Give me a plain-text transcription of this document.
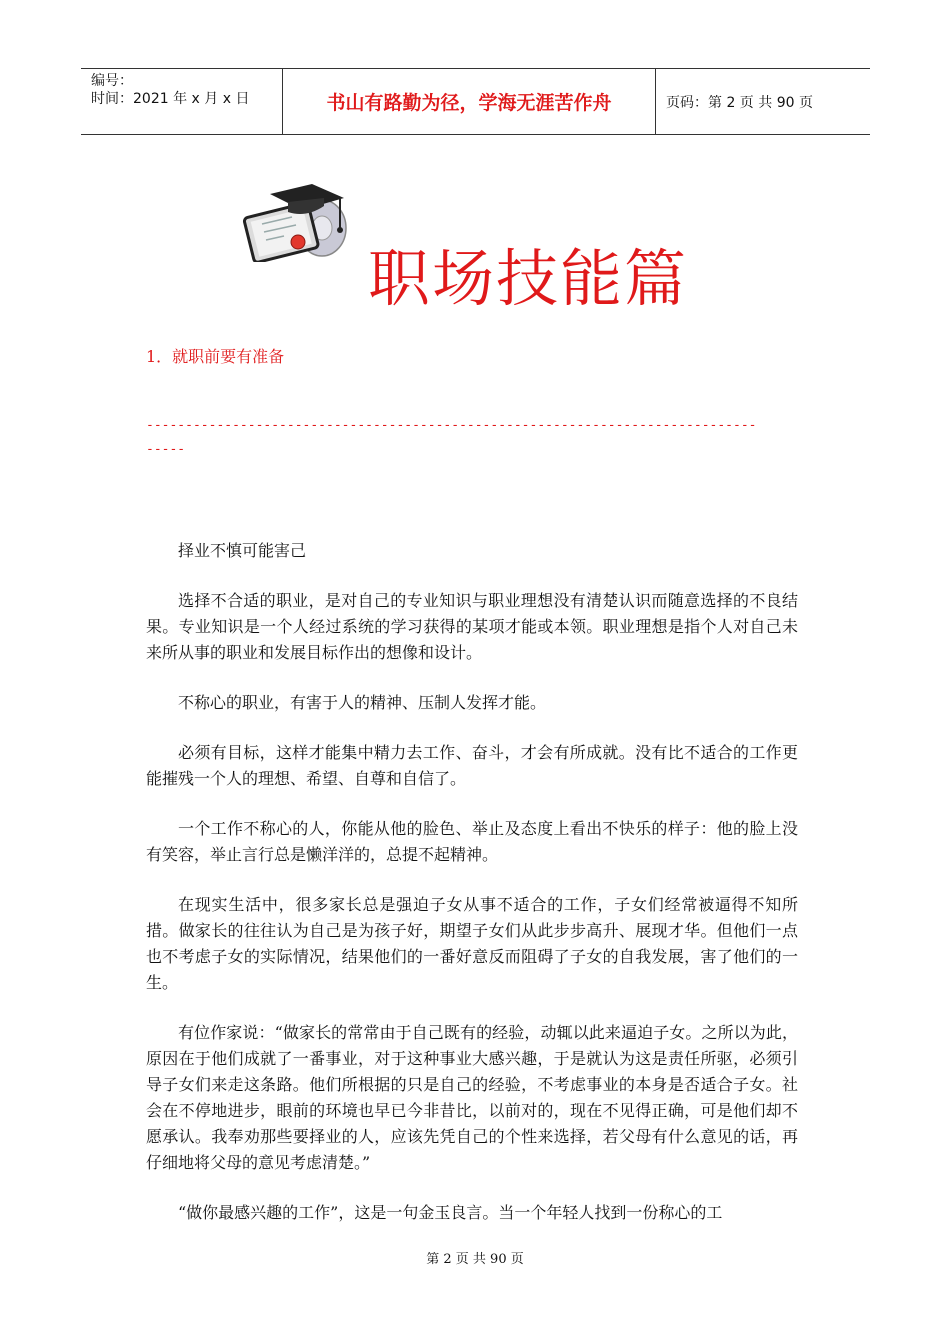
编号：
时间：2021 年 x 月 x 日	书山有路勤为径，学海无涯苦作舟	页码：第 2 页 共 90 页
职场技能篇
1．就职前要有准备
------------------------------------------------------------------------------
-----

择业不慎可能害己

选择不合适的职业，是对自己的专业知识与职业理想没有清楚认识而随意选择的不良结果。专业知识是一个人经过系统的学习获得的某项才能或本领。职业理想是指个人对自己未来所从事的职业和发展目标作出的想像和设计。

不称心的职业，有害于人的精神、压制人发挥才能。

必须有目标，这样才能集中精力去工作、奋斗，才会有所成就。没有比不适合的工作更能摧残一个人的理想、希望、自尊和自信了。

一个工作不称心的人，你能从他的脸色、举止及态度上看出不快乐的样子：他的脸上没有笑容，举止言行总是懒洋洋的，总提不起精神。

在现实生活中，很多家长总是强迫子女从事不适合的工作，子女们经常被逼得不知所措。做家长的往往认为自己是为孩子好，期望子女们从此步步高升、展现才华。但他们一点也不考虑子女的实际情况，结果他们的一番好意反而阻碍了子女的自我发展，害了他们的一生。

有位作家说：“做家长的常常由于自己既有的经验，动辄以此来逼迫子女。之所以为此，原因在于他们成就了一番事业，对于这种事业大感兴趣，于是就认为这是责任所驱，必须引导子女们来走这条路。他们所根据的只是自己的经验，不考虑事业的本身是否适合子女。社会在不停地进步，眼前的环境也早已今非昔比，以前对的，现在不见得正确，可是他们却不愿承认。我奉劝那些要择业的人，应该先凭自己的个性来选择，若父母有什么意见的话，再仔细地将父母的意见考虑清楚。”

“做你最感兴趣的工作”，这是一句金玉良言。当一个年轻人找到一份称心的工

第 2 页 共 90 页
